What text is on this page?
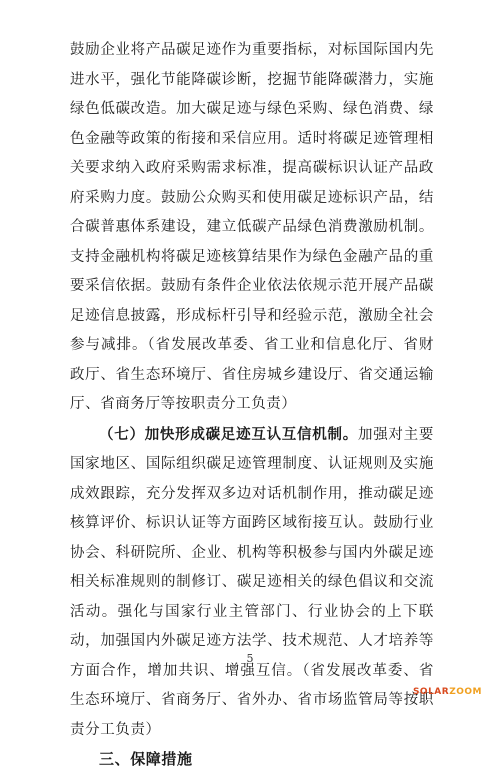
鼓励企业将产品碳足迹作为重要指标，对标国际国内先进水平，强化节能降碳诊断，挖掘节能降碳潜力，实施绿色低碳改造。加大碳足迹与绿色采购、绿色消费、绿色金融等政策的衔接和采信应用。适时将碳足迹管理相关要求纳入政府采购需求标准，提高碳标识认证产品政府采购力度。鼓励公众购买和使用碳足迹标识产品，结合碳普惠体系建设，建立低碳产品绿色消费激励机制。支持金融机构将碳足迹核算结果作为绿色金融产品的重要采信依据。鼓励有条件企业依法依规示范开展产品碳足迹信息披露，形成标杆引导和经验示范，激励全社会参与减排。（省发展改革委、省工业和信息化厅、省财政厅、省生态环境厅、省住房城乡建设厅、省交通运输厅、省商务厅等按职责分工负责）

（七）加快形成碳足迹互认互信机制。加强对主要国家地区、国际组织碳足迹管理制度、认证规则及实施成效跟踪，充分发挥双多边对话机制作用，推动碳足迹核算评价、标识认证等方面跨区域衔接互认。鼓励行业协会、科研院所、企业、机构等积极参与国内外碳足迹相关标准规则的制修订、碳足迹相关的绿色倡议和交流活动。强化与国家行业主管部门、行业协会的上下联动，加强国内外碳足迹方法学、技术规范、人才培养等方面合作，增加共识、增强互信。（省发展改革委、省生态环境厅、省商务厅、省外办、省市场监管局等按职责分工负责）

三、保障措施

5
SOLARZOOM
